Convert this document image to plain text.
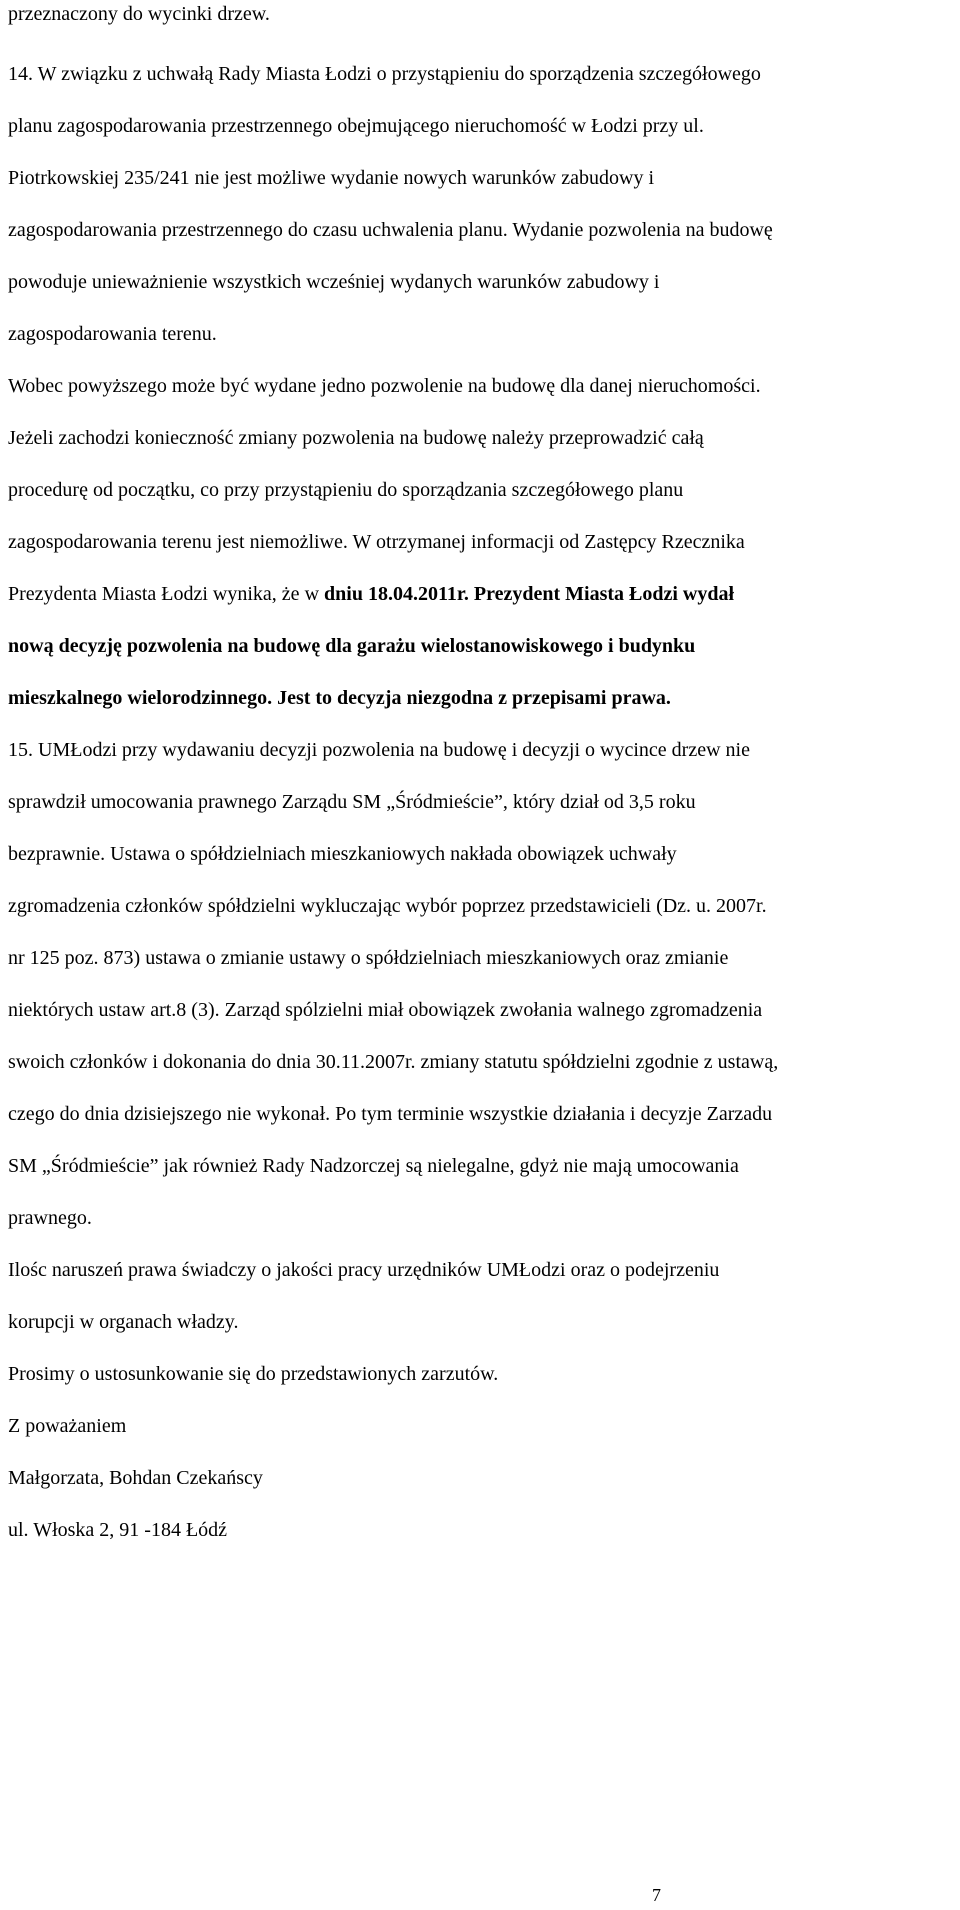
przeznaczony do wycinki drzew.

14. W związku z uchwałą Rady Miasta Łodzi o przystąpieniu do sporządzenia szczegółowego

planu zagospodarowania przestrzennego obejmującego nieruchomość w Łodzi przy ul.

Piotrkowskiej 235/241 nie jest możliwe wydanie nowych warunków zabudowy i

zagospodarowania przestrzennego do czasu uchwalenia planu. Wydanie pozwolenia na budowę

powoduje unieważnienie wszystkich wcześniej wydanych warunków zabudowy i

zagospodarowania terenu.

Wobec powyższego może być wydane jedno pozwolenie na budowę dla danej nieruchomości.

Jeżeli zachodzi konieczność zmiany pozwolenia na budowę należy przeprowadzić całą

procedurę od początku, co przy przystąpieniu do sporządzania szczegółowego planu

zagospodarowania terenu jest niemożliwe. W otrzymanej informacji od Zastępcy Rzecznika

Prezydenta Miasta Łodzi wynika, że w dniu 18.04.2011r. Prezydent Miasta Łodzi wydał

nową decyzję pozwolenia na budowę dla garażu wielostanowiskowego i budynku

mieszkalnego wielorodzinnego. Jest to decyzja niezgodna z przepisami prawa.

15. UMŁodzi przy wydawaniu decyzji pozwolenia na budowę i decyzji o wycince drzew nie

sprawdził umocowania prawnego Zarządu SM „Śródmieście”, który dział od 3,5 roku

bezprawnie. Ustawa o spółdzielniach mieszkaniowych nakłada obowiązek uchwały

zgromadzenia członków spółdzielni wykluczając wybór poprzez przedstawicieli (Dz. u. 2007r.

nr 125 poz. 873) ustawa o zmianie ustawy o spółdzielniach mieszkaniowych oraz zmianie

niektórych ustaw art.8 (3). Zarząd spólzielni miał obowiązek zwołania walnego zgromadzenia

swoich członków i dokonania do dnia 30.11.2007r. zmiany statutu spółdzielni zgodnie z ustawą,

czego do dnia dzisiejszego nie wykonał. Po tym terminie wszystkie działania i decyzje Zarzadu

SM „Śródmieście” jak również Rady Nadzorczej są nielegalne, gdyż nie mają umocowania

prawnego.

Ilośc naruszeń prawa świadczy o jakości pracy urzędników UMŁodzi oraz o podejrzeniu

korupcji w organach władzy.

Prosimy o ustosunkowanie się do przedstawionych zarzutów.

Z poważaniem

Małgorzata, Bohdan Czekańscy

ul. Włoska 2, 91 -184 Łódź

7
